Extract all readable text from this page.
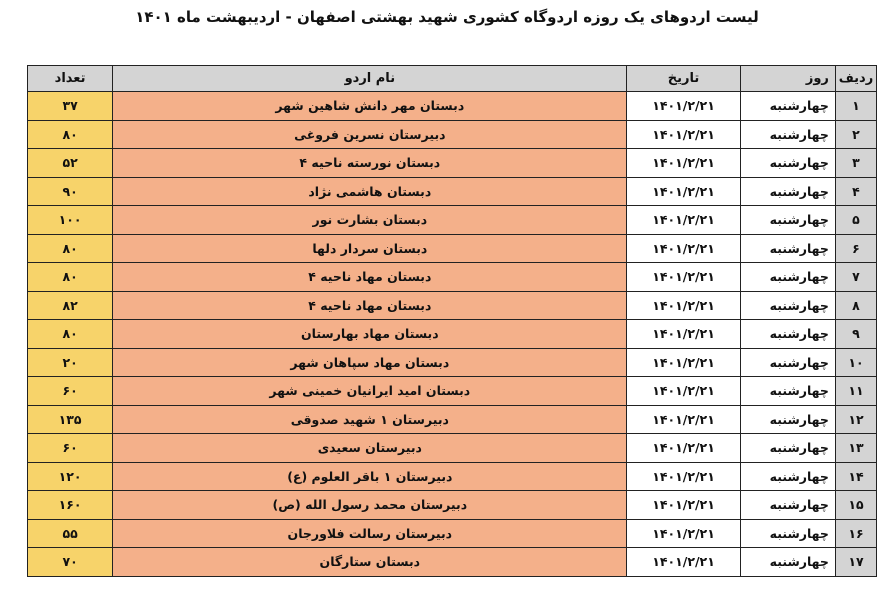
لیست اردوهای یک روزه اردوگاه کشوری شهید بهشتی اصفهان - اردیبهشت ماه ۱۴۰۱
ردیف	روز	تاریخ	نام اردو	تعداد
۱	چهارشنبه	۱۴۰۱/۲/۲۱	دبستان مهر دانش شاهین شهر	۳۷
۲	چهارشنبه	۱۴۰۱/۲/۲۱	دبیرستان نسرین فروغی	۸۰
۳	چهارشنبه	۱۴۰۱/۲/۲۱	دبستان نورسته ناحیه ۴	۵۲
۴	چهارشنبه	۱۴۰۱/۲/۲۱	دبستان هاشمی نژاد	۹۰
۵	چهارشنبه	۱۴۰۱/۲/۲۱	دبستان بشارت نور	۱۰۰
۶	چهارشنبه	۱۴۰۱/۲/۲۱	دبستان سردار دلها	۸۰
۷	چهارشنبه	۱۴۰۱/۲/۲۱	دبستان مهاد ناحیه ۴	۸۰
۸	چهارشنبه	۱۴۰۱/۲/۲۱	دبستان مهاد ناحیه ۴	۸۲
۹	چهارشنبه	۱۴۰۱/۲/۲۱	دبستان مهاد بهارستان	۸۰
۱۰	چهارشنبه	۱۴۰۱/۲/۲۱	دبستان مهاد سپاهان شهر	۲۰
۱۱	چهارشنبه	۱۴۰۱/۲/۲۱	دبستان امید ایرانیان خمینی شهر	۶۰
۱۲	چهارشنبه	۱۴۰۱/۲/۲۱	دبیرستان ۱ شهید صدوقی	۱۳۵
۱۳	چهارشنبه	۱۴۰۱/۲/۲۱	دبیرستان سعیدی	۶۰
۱۴	چهارشنبه	۱۴۰۱/۲/۲۱	دبیرستان ۱ باقر العلوم (ع)	۱۲۰
۱۵	چهارشنبه	۱۴۰۱/۲/۲۱	دبیرستان محمد رسول الله (ص)	۱۶۰
۱۶	چهارشنبه	۱۴۰۱/۲/۲۱	دبیرستان رسالت فلاورجان	۵۵
۱۷	چهارشنبه	۱۴۰۱/۲/۲۱	دبستان ستارگان	۷۰
